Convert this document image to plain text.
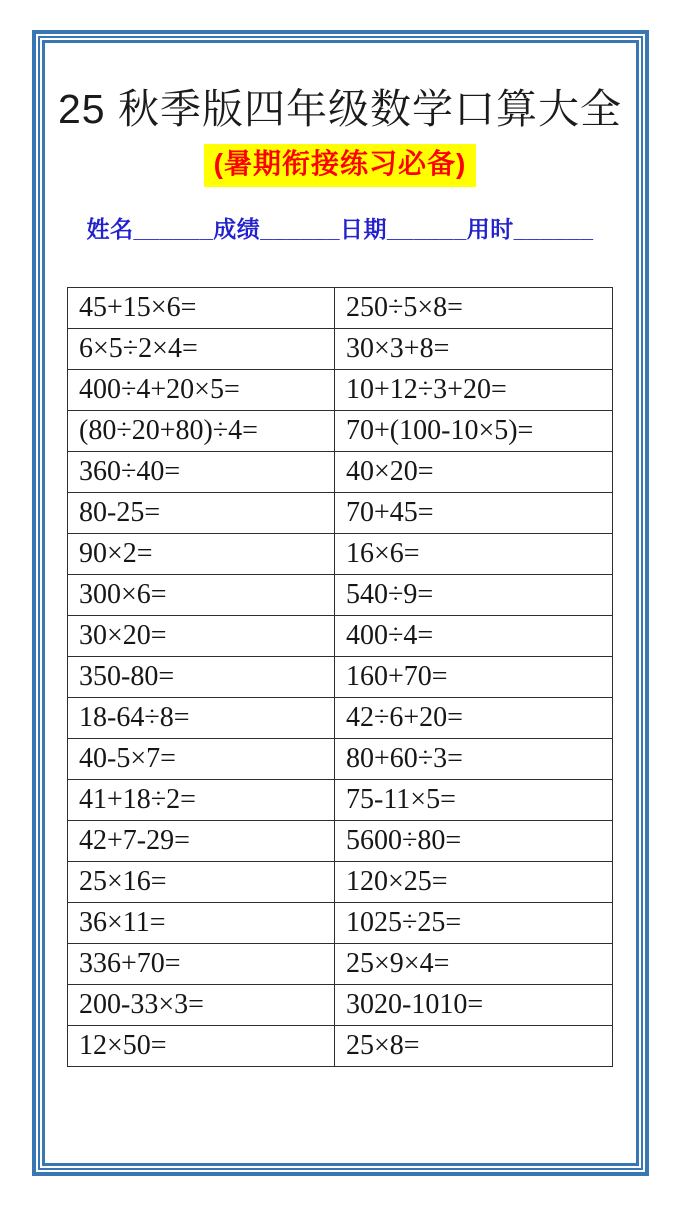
25 秋季版四年级数学口算大全
(暑期衔接练习必备)
姓名______成绩______日期______用时______
45+15×6=	250÷5×8=
6×5÷2×4=	30×3+8=
400÷4+20×5=	10+12÷3+20=
(80÷20+80)÷4=	70+(100-10×5)=
360÷40=	40×20=
80-25=	70+45=
90×2=	16×6=
300×6=	540÷9=
30×20=	400÷4=
350-80=	160+70=
18-64÷8=	42÷6+20=
40-5×7=	80+60÷3=
41+18÷2=	75-11×5=
42+7-29=	5600÷80=
25×16=	120×25=
36×11=	1025÷25=
336+70=	25×9×4=
200-33×3=	3020-1010=
12×50=	25×8=
